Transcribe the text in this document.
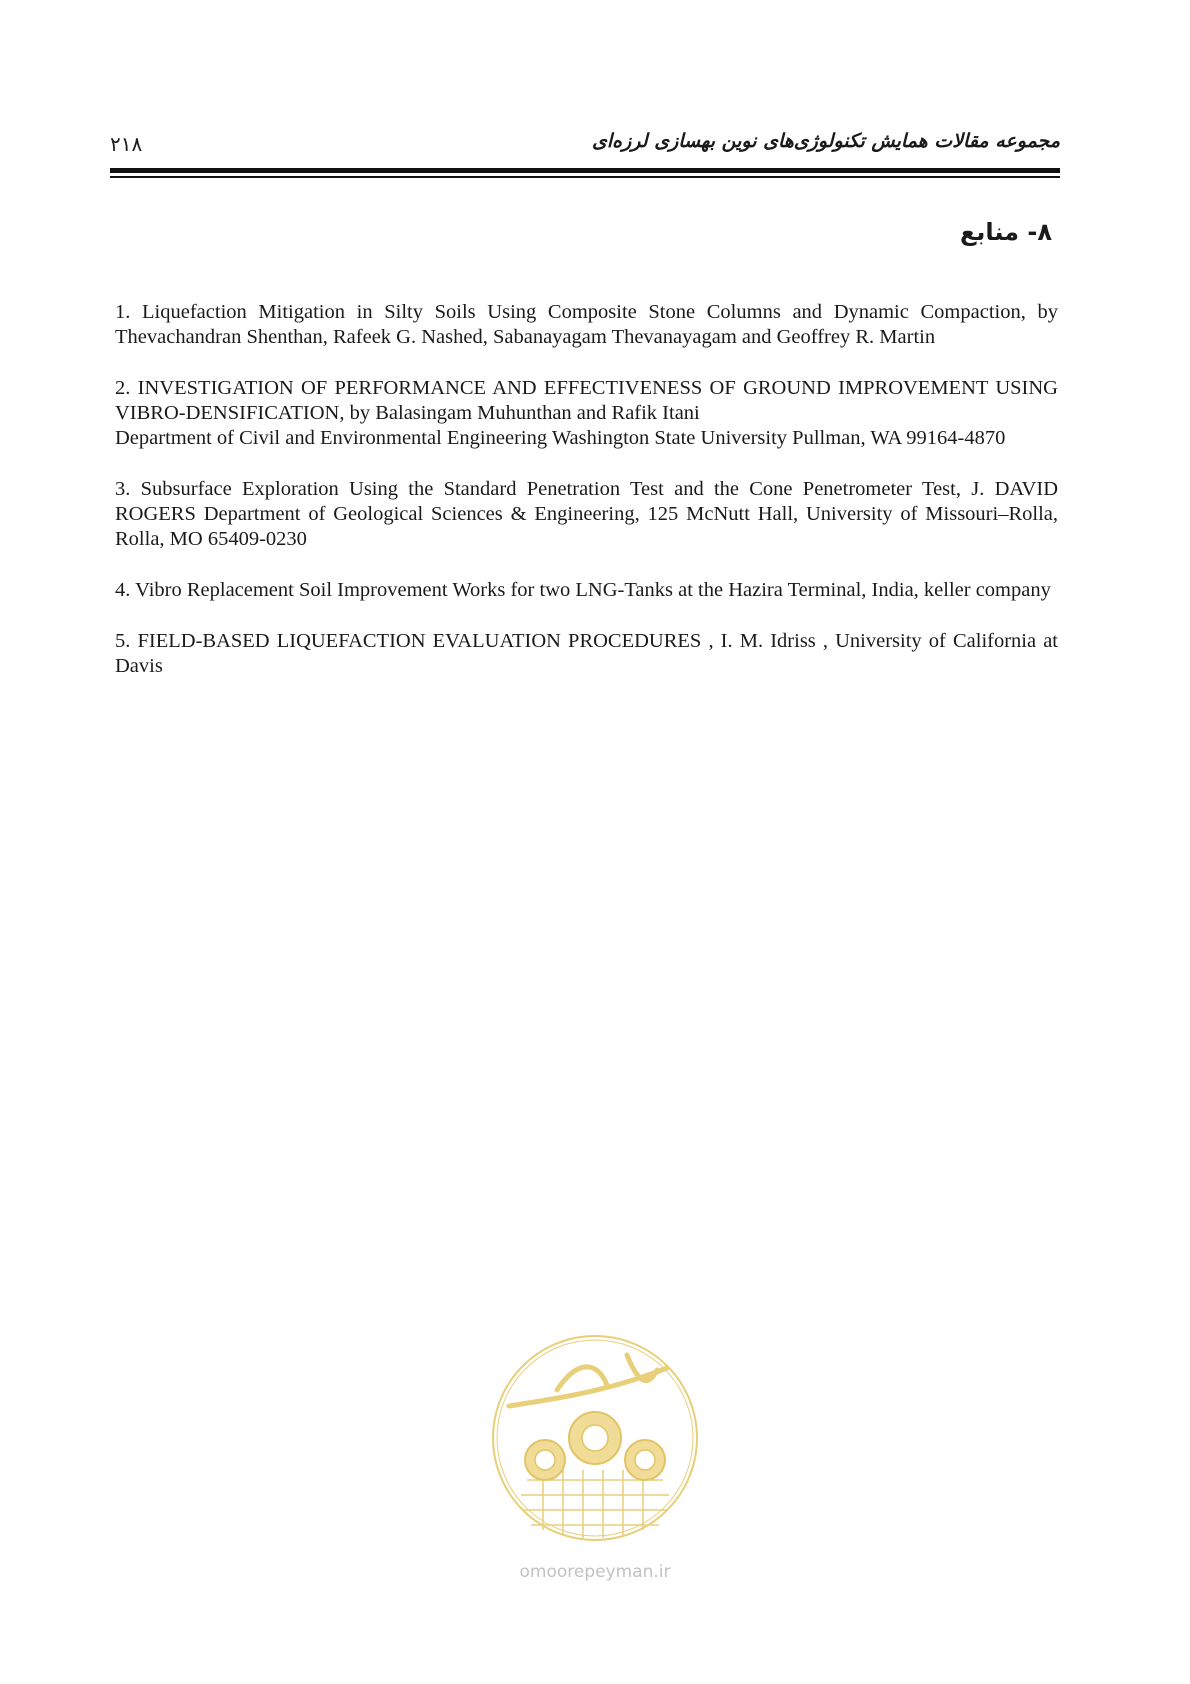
۲۱۸	مجموعه مقالات همایش تکنولوژی‌های نوین بهسازی لرزه‌ای
۸- منابع

1. Liquefaction Mitigation in Silty Soils Using Composite Stone Columns and Dynamic Compaction, by Thevachandran Shenthan, Rafeek G. Nashed, Sabanayagam Thevanayagam and Geoffrey R. Martin

2. INVESTIGATION OF PERFORMANCE AND EFFECTIVENESS OF GROUND IMPROVEMENT USING VIBRO-DENSIFICATION, by Balasingam Muhunthan and Rafik Itani

Department of Civil and Environmental Engineering Washington State University Pullman, WA 99164-4870

3. Subsurface Exploration Using the Standard Penetration Test and the Cone Penetrometer Test, J. DAVID ROGERS Department of Geological Sciences & Engineering, 125 McNutt Hall, University of Missouri–Rolla, Rolla, MO 65409-0230

4. Vibro Replacement Soil Improvement Works for two LNG-Tanks at the Hazira Terminal, India, keller company

5. FIELD-BASED LIQUEFACTION EVALUATION PROCEDURES , I. M. Idriss , University of California at Davis

omoorepeyman.ir
